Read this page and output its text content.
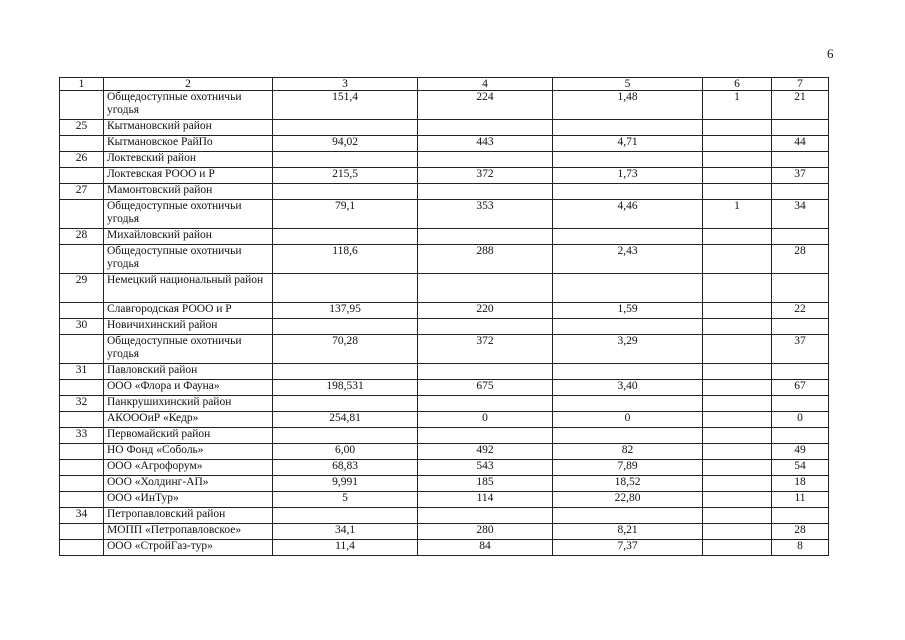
6
1	2	3	4	5	6	7
	Общедоступные охотничьи угодья	151,4	224	1,48	1	21
25	Кытмановский район					
	Кытмановское РайПо	94,02	443	4,71		44
26	Локтевский район					
	Локтевская РООО и Р	215,5	372	1,73		37
27	Мамонтовский район					
	Общедоступные охотничьи угодья	79,1	353	4,46	1	34
28	Михайловский район					
	Общедоступные охотничьи угодья	118,6	288	2,43		28
29	Немецкий национальный район					
	Славгородская РООО и Р	137,95	220	1,59		22
30	Новичихинский район					
	Общедоступные охотничьи угодья	70,28	372	3,29		37
31	Павловский район					
	ООО «Флора и Фауна»	198,531	675	3,40		67
32	Панкрушихинский район					
	АКОООиР «Кедр»	254,81	0	0		0
33	Первомайский район					
	НО Фонд «Соболь»	6,00	492	82		49
	ООО «Агрофорум»	68,83	543	7,89		54
	ООО «Холдинг-АП»	9,991	185	18,52		18
	ООО «ИнТур»	5	114	22,80		11
34	Петропавловский район					
	МОПП «Петропавловское»	34,1	280	8,21		28
	ООО «СтройГаз-тур»	11,4	84	7,37		8
